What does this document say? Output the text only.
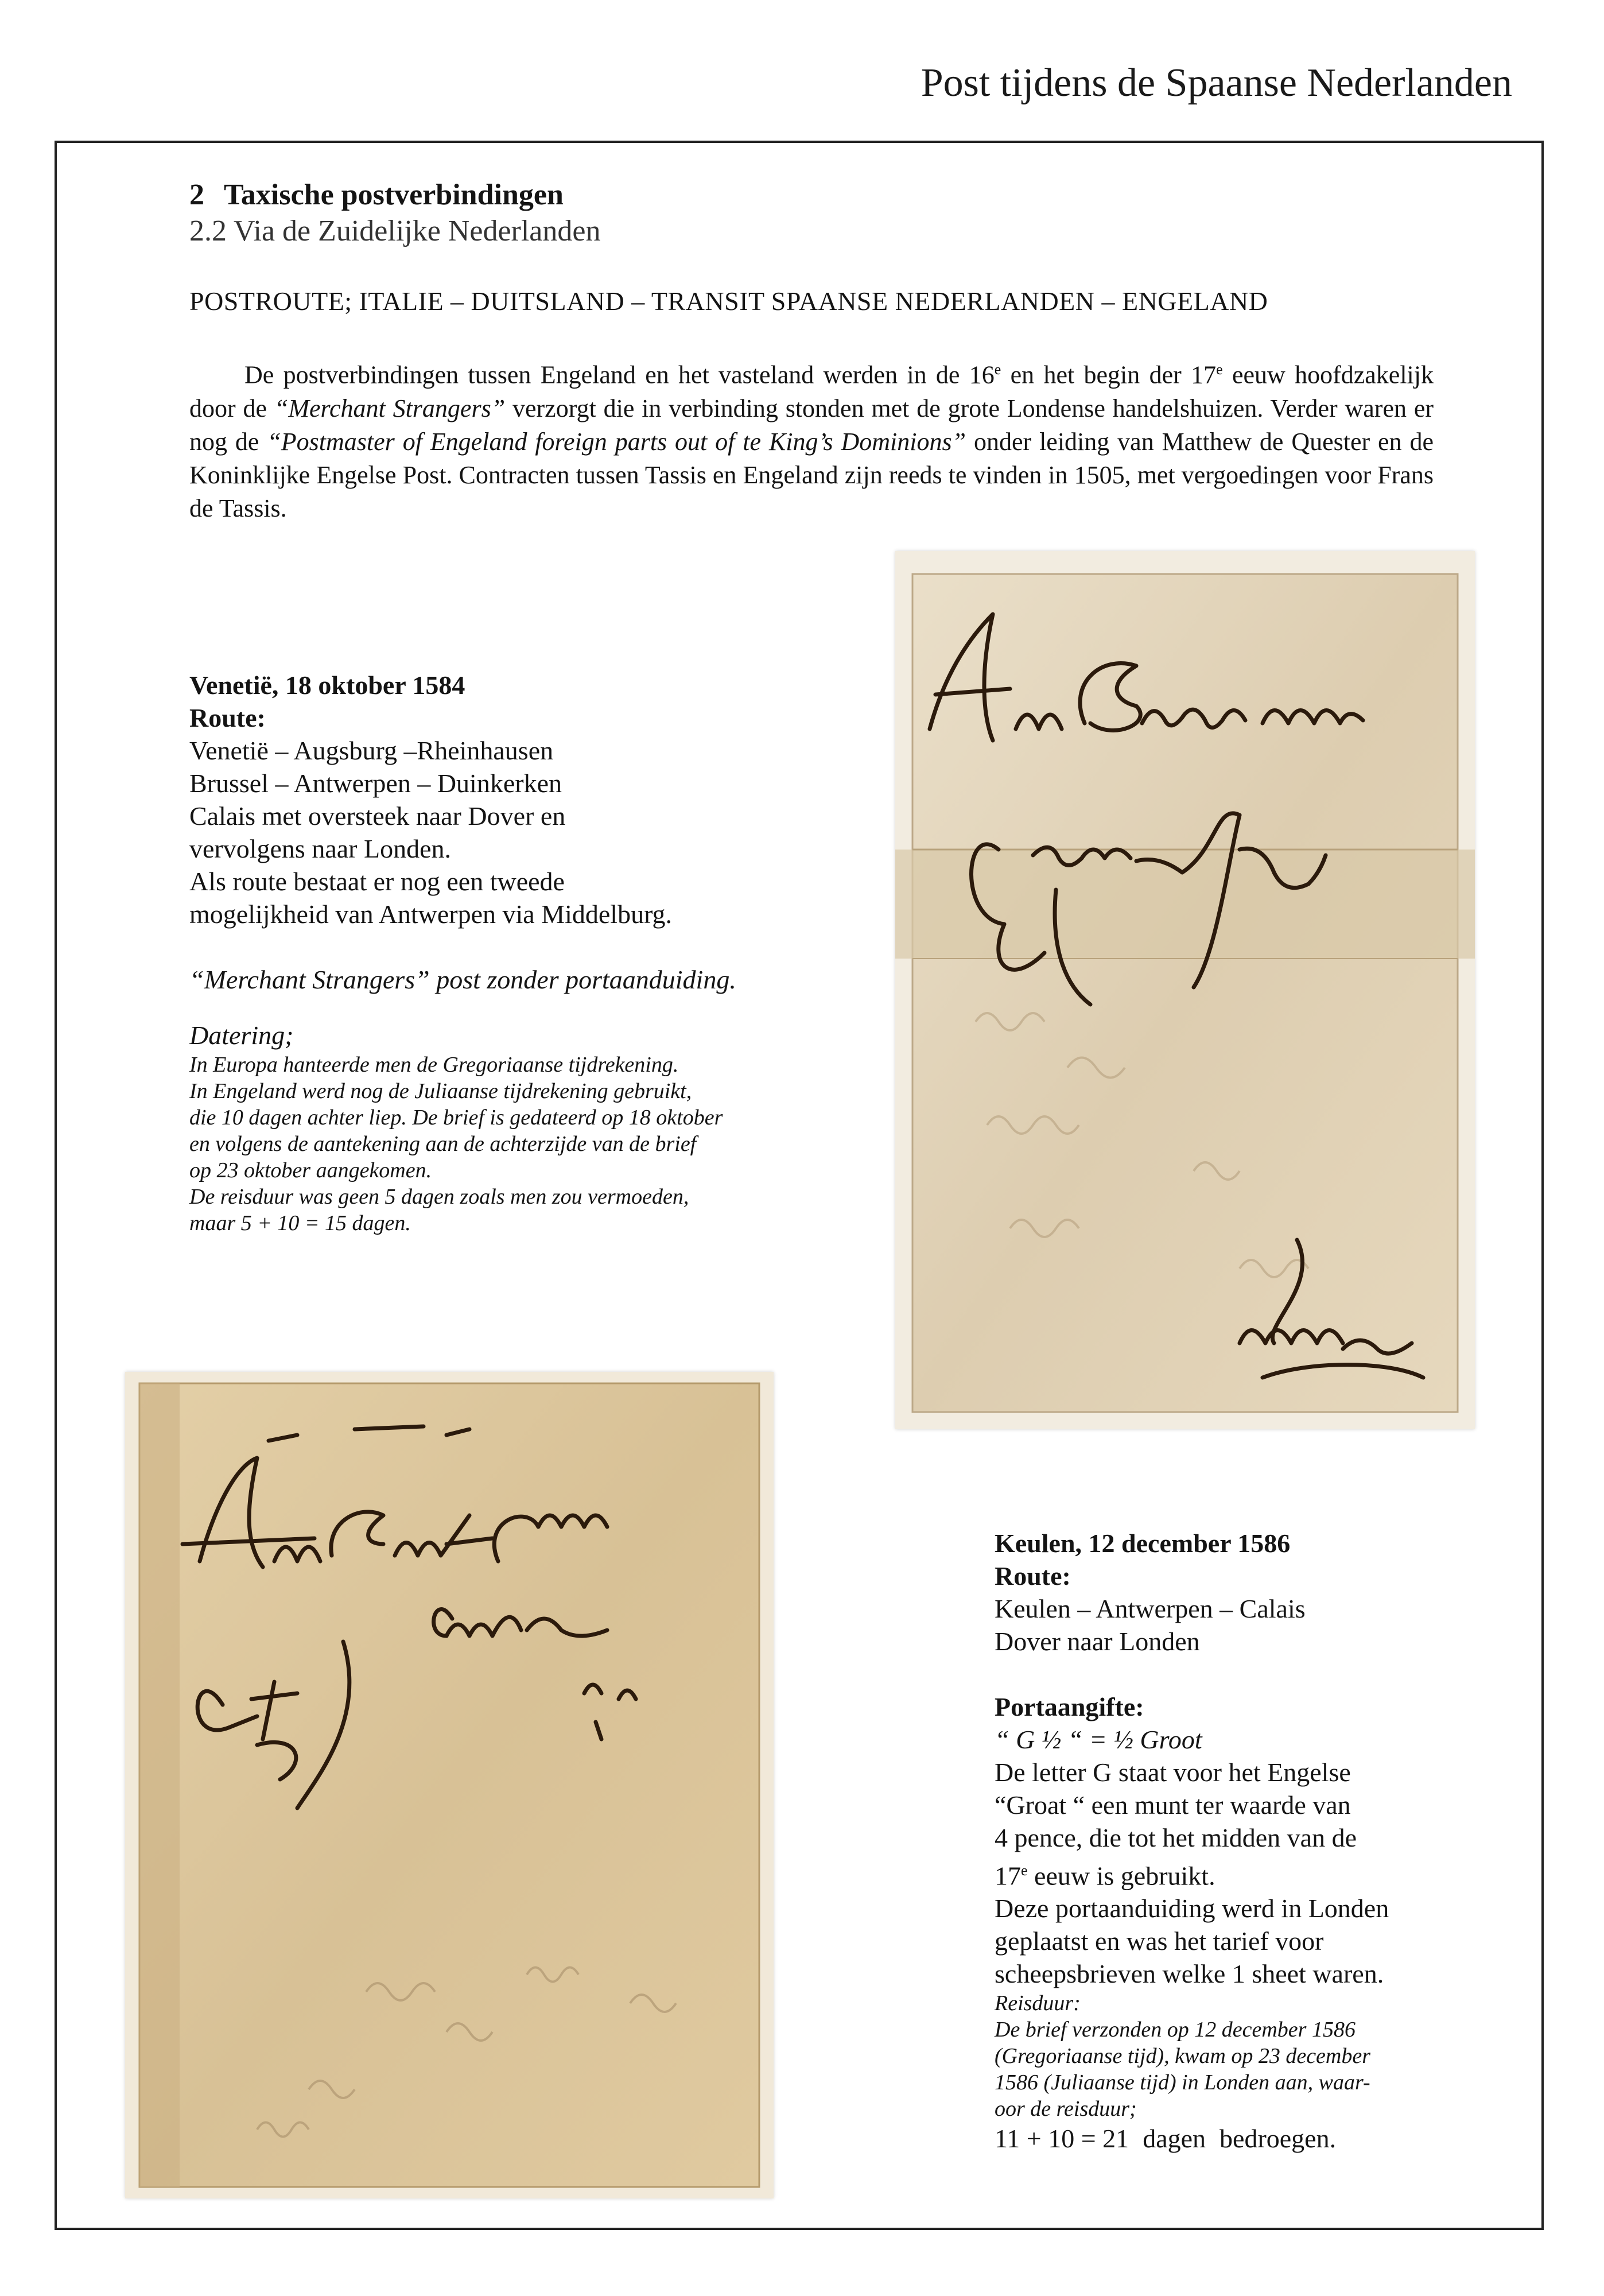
Post tijdens de Spaanse Nederlanden
2 Taxische postverbindingen
2.2 Via de Zuidelijke Nederlanden
POSTROUTE; ITALIE – DUITSLAND – TRANSIT SPAANSE NEDERLANDEN – ENGELAND

De postverbindingen tussen Engeland en het vasteland werden in de 16e en het begin der 17e eeuw hoofdzakelijk door de “Merchant Strangers” verzorgt die in verbinding stonden met de grote Londense handelshuizen. Verder waren er nog de “Postmaster of Engeland foreign parts out of te King’s Dominions” onder leiding van Matthew de Quester en de Koninklijke Engelse Post. Contracten tussen Tassis en Engeland zijn reeds te vinden in 1505, met vergoedingen voor Frans de Tassis.

Venetië, 18 oktober 1584
Route:
Venetië – Augsburg –Rheinhausen
Brussel – Antwerpen – Duinkerken
Calais met oversteek naar Dover en
vervolgens naar Londen.
Als route bestaat er nog een tweede
mogelijkheid van Antwerpen via Middelburg.
“Merchant Strangers” post zonder portaanduiding.
Datering;
In Europa hanteerde men de Gregoriaanse tijdrekening.
In Engeland werd nog de Juliaanse tijdrekening gebruikt,
die 10 dagen achter liep. De brief is gedateerd op 18 oktober
en volgens de aantekening aan de achterzijde van de brief
op 23 oktober aangekomen.
De reisduur was geen 5 dagen zoals men zou vermoeden,
maar 5 + 10 = 15 dagen.
Keulen, 12 december 1586
Route:
Keulen – Antwerpen – Calais
Dover naar Londen
Portaangifte:
“ G ½ “ = ½ Groot
De letter G staat voor het Engelse
“Groat “ een munt ter waarde van
4 pence, die tot het midden van de
17e eeuw is gebruikt.
Deze portaanduiding werd in Londen
geplaatst en was het tarief voor
scheepsbrieven welke 1 sheet waren.
Reisduur:
De brief verzonden op 12 december 1586
(Gregoriaanse tijd), kwam op 23 december
1586 (Juliaanse tijd) in Londen aan, waar-
oor de reisduur;
11 + 10 = 21 dagen bedroegen.
